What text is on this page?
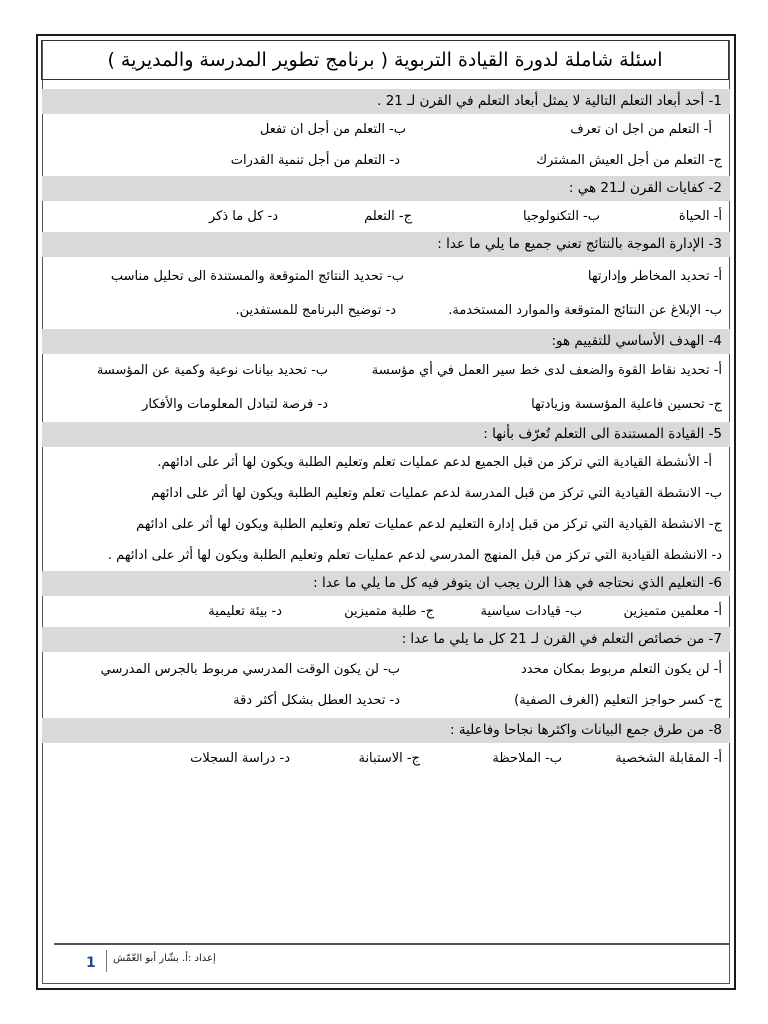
اسئلة شاملة لدورة القيادة التربوية ( برنامج تطوير المدرسة والمديرية )
1- أحد أبعاد التعلم التالية لا يمثل أبعاد التعلم في القرن لـ 21 .
أ- التعلم من اجل ان تعرف
ب- التعلم من أجل ان تفعل
ج- التعلم من أجل العيش المشترك
د- التعلم من أجل تنمية القدرات
2- كفايات القرن لـ21 هي :
أ- الحياة
ب- التكنولوجيا
ج- التعلم
د- كل ما ذكر
3- الإدارة الموجة بالنتائج تعني جميع ما يلي ما عدا :
أ- تحديد المخاطر وإدارتها
ب- تحديد النتائج المتوقعة والمستندة الى تحليل مناسب
ب- الإبلاغ عن النتائج المتوقعة والموارد المستخدمة.
د- توضيح البرنامج للمستفدين.
4- الهدف الأساسي للتقييم هو:
أ- تحديد نقاط القوة والضعف لدى خط سير العمل في أي مؤسسة
ب- تحديد بيانات نوعية وكمية عن المؤسسة
ج- تحسين فاعلية المؤسسة وزيادتها
د- فرصة لتبادل المعلومات والأفكار
5- القيادة المستندة الى التعلم تُعرّف بأنها :
أ- الأنشطة القيادية التي تركز من قبل الجميع لدعم عمليات تعلم وتعليم الطلبة ويكون لها أثر على ادائهم.
ب- الانشطة القيادية التي تركز من قبل المدرسة لدعم عمليات تعلم وتعليم الطلبة ويكون لها أثر على ادائهم
ج- الانشطة القيادية التي تركز من قبل إدارة التعليم لدعم عمليات تعلم وتعليم الطلبة ويكون لها أثر على ادائهم
د- الانشطة القيادية التي تركز من قبل المنهج المدرسي لدعم عمليات تعلم وتعليم الطلبة ويكون لها أثر على ادائهم .
6- التعليم الذي نحتاجه في هذا الرن يجب ان يتوفر فيه كل ما يلي ما عدا :
أ- معلمين متميزين
ب- قيادات سياسية
ج- طلبة متميزين
د- بيئة تعليمية
7- من خصائص التعلم في القرن لـ 21 كل ما يلي ما عدا :
أ- لن يكون التعلم مربوط بمكان محدد
ب- لن يكون الوقت المدرسي مربوط بالجرس المدرسي
ج- كسر حواجز التعليم (الغرف الصفية)
د- تحديد العطل بشكل أكثر دقة
8- من طرق جمع البيانات واكثرها نجاحا وفاعلية :
أ- المقابلة الشخصية
ب- الملاحظة
ج- الاستبانة
د- دراسة السجلات
1 إعداد :أ. بشّار أبو العّمّش
